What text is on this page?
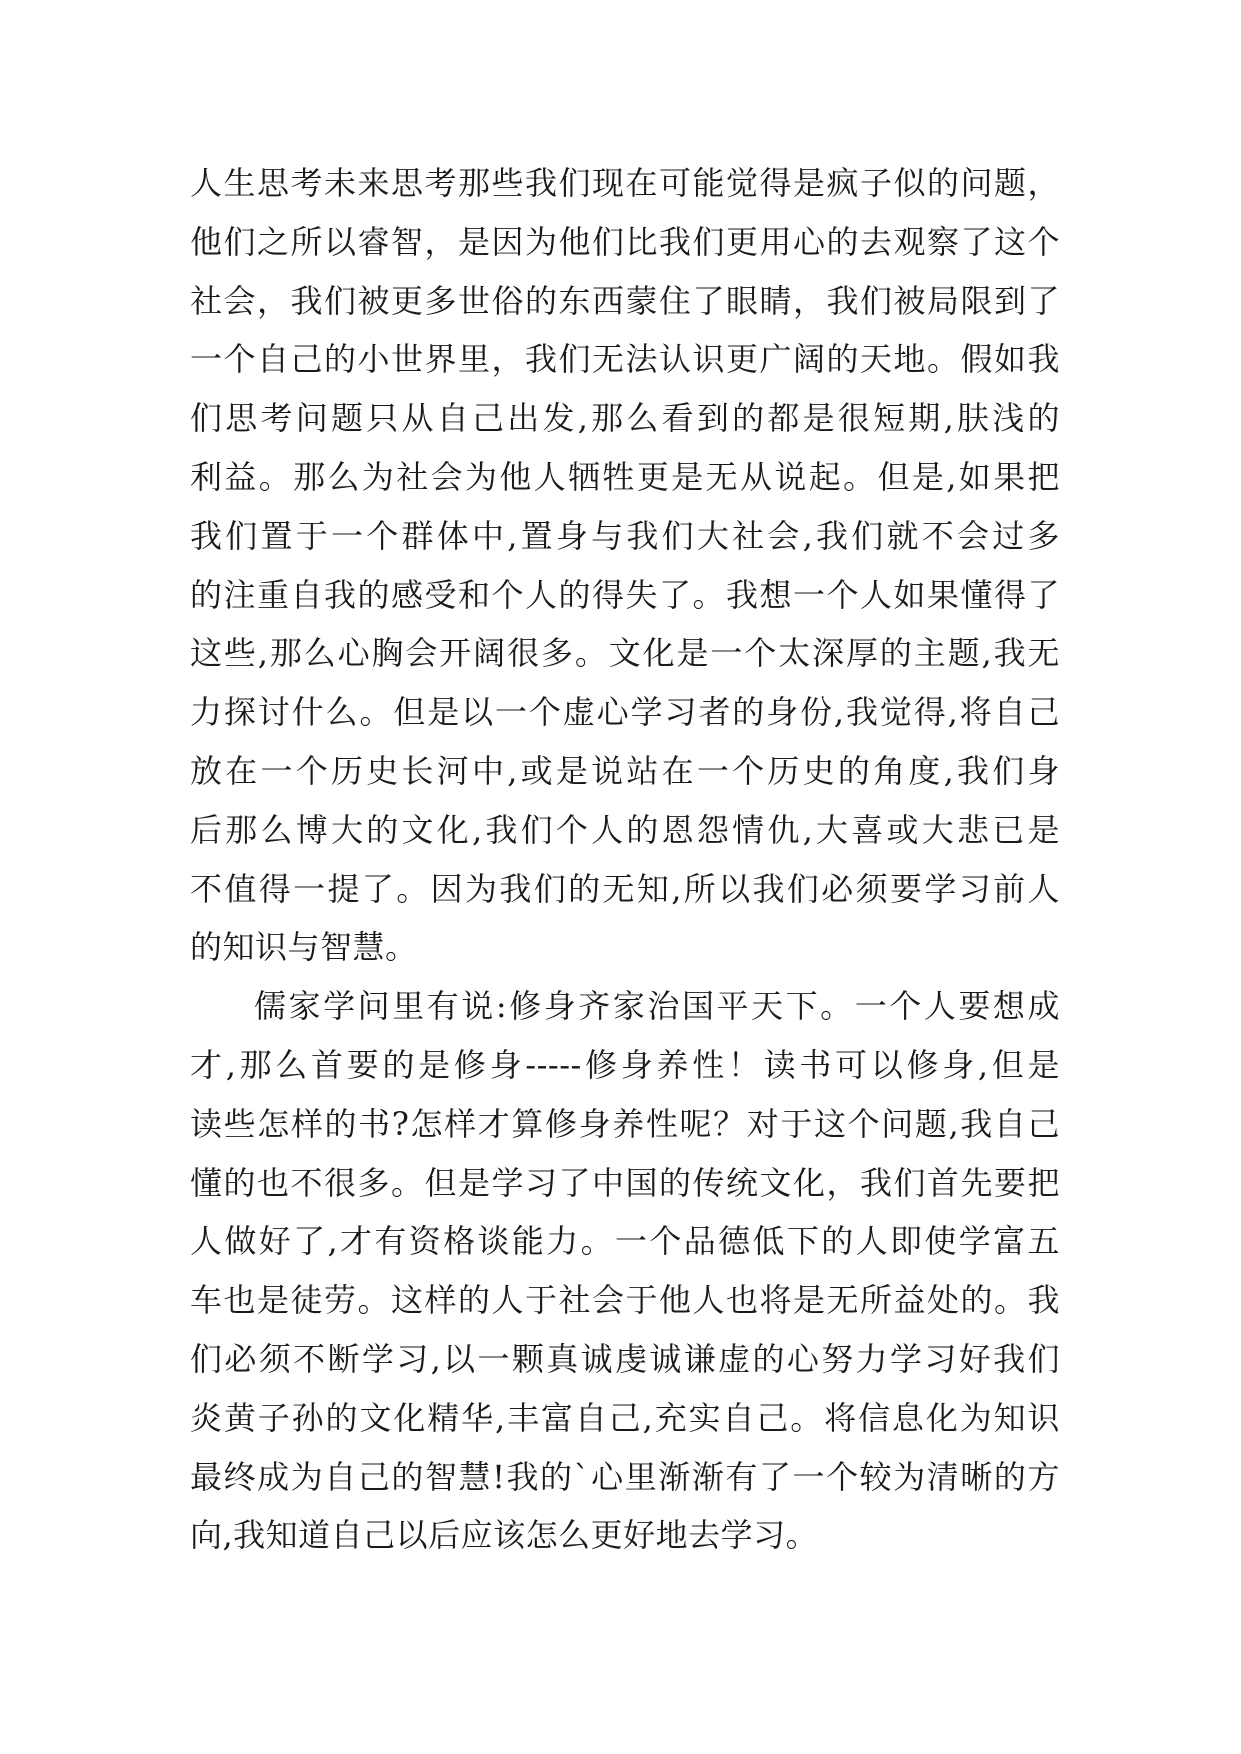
人生思考未来思考那些我们现在可能觉得是疯子似的问题，
他们之所以睿智，是因为他们比我们更用心的去观察了这个
社会，我们被更多世俗的东西蒙住了眼睛，我们被局限到了
一个自己的小世界里，我们无法认识更广阔的天地。假如我
们思考问题只从自己出发,那么看到的都是很短期,肤浅的
利益。那么为社会为他人牺牲更是无从说起。但是,如果把
我们置于一个群体中,置身与我们大社会,我们就不会过多
的注重自我的感受和个人的得失了。我想一个人如果懂得了
这些,那么心胸会开阔很多。文化是一个太深厚的主题,我无
力探讨什么。但是以一个虚心学习者的身份,我觉得,将自己
放在一个历史长河中,或是说站在一个历史的角度,我们身
后那么博大的文化,我们个人的恩怨情仇,大喜或大悲已是
不值得一提了。因为我们的无知,所以我们必须要学习前人
的知识与智慧。
儒家学问里有说:修身齐家治国平天下。一个人要想成
才,那么首要的是修身-----修身养性！读书可以修身,但是
读些怎样的书?怎样才算修身养性呢？对于这个问题,我自己
懂的也不很多。但是学习了中国的传统文化，我们首先要把
人做好了,才有资格谈能力。一个品德低下的人即使学富五
车也是徒劳。这样的人于社会于他人也将是无所益处的。我
们必须不断学习,以一颗真诚虔诚谦虚的心努力学习好我们
炎黄子孙的文化精华,丰富自己,充实自己。将信息化为知识
最终成为自己的智慧!我的`心里渐渐有了一个较为清晰的方
向,我知道自己以后应该怎么更好地去学习。
